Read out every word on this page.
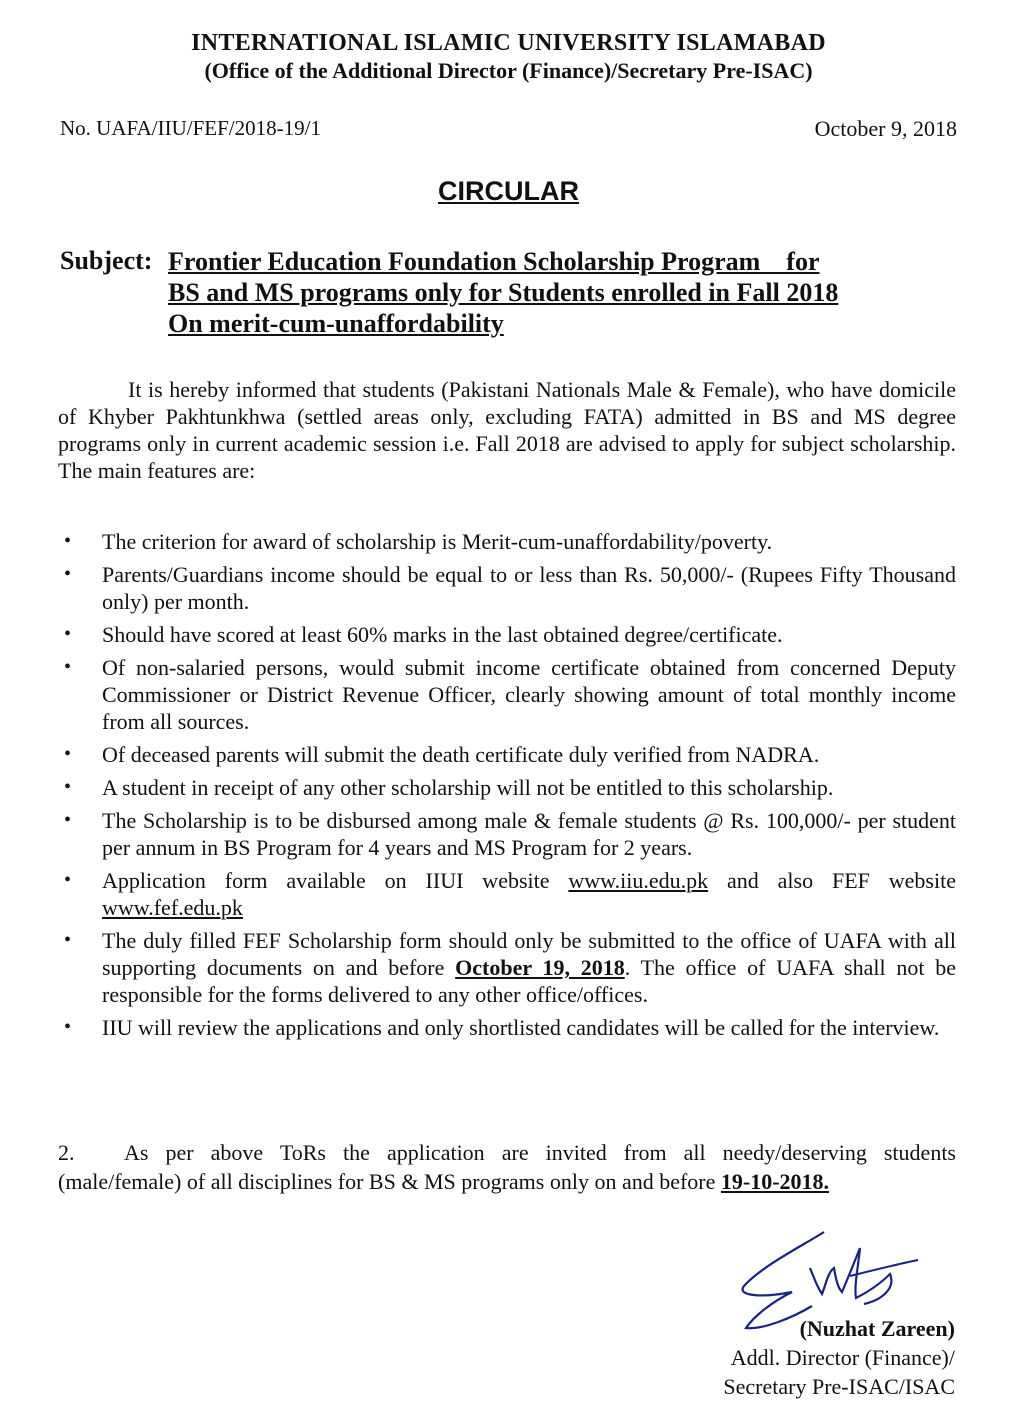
INTERNATIONAL ISLAMIC UNIVERSITY ISLAMABAD
(Office of the Additional Director (Finance)/Secretary Pre-ISAC)
No. UAFA/IIU/FEF/2018-19/1	October 9, 2018
CIRCULAR
Subject: Frontier Education Foundation Scholarship Program    for
BS and MS programs only for Students enrolled in Fall 2018
On merit-cum-unaffordability
It is hereby informed that students (Pakistani Nationals Male & Female), who have domicile of Khyber Pakhtunkhwa (settled areas only, excluding FATA) admitted in BS and MS degree programs only in current academic session i.e. Fall 2018 are advised to apply for subject scholarship. The main features are:
• The criterion for award of scholarship is Merit-cum-unaffordability/poverty.
• Parents/Guardians income should be equal to or less than Rs. 50,000/- (Rupees Fifty Thousand only) per month.
• Should have scored at least 60% marks in the last obtained degree/certificate.
• Of non-salaried persons, would submit income certificate obtained from concerned Deputy Commissioner or District Revenue Officer, clearly showing amount of total monthly income from all sources.
• Of deceased parents will submit the death certificate duly verified from NADRA.
• A student in receipt of any other scholarship will not be entitled to this scholarship.
• The Scholarship is to be disbursed among male & female students @ Rs. 100,000/- per student per annum in BS Program for 4 years and MS Program for 2 years.
• Application form available on IIUI website www.iiu.edu.pk and also FEF website www.fef.edu.pk
• The duly filled FEF Scholarship form should only be submitted to the office of UAFA with all supporting documents on and before October 19, 2018. The office of UAFA shall not be responsible for the forms delivered to any other office/offices.
• IIU will review the applications and only shortlisted candidates will be called for the interview.
2. As per above ToRs the application are invited from all needy/deserving students (male/female) of all disciplines for BS & MS programs only on and before 19-10-2018.
(Nuzhat Zareen)
Addl. Director (Finance)/
Secretary Pre-ISAC/ISAC
